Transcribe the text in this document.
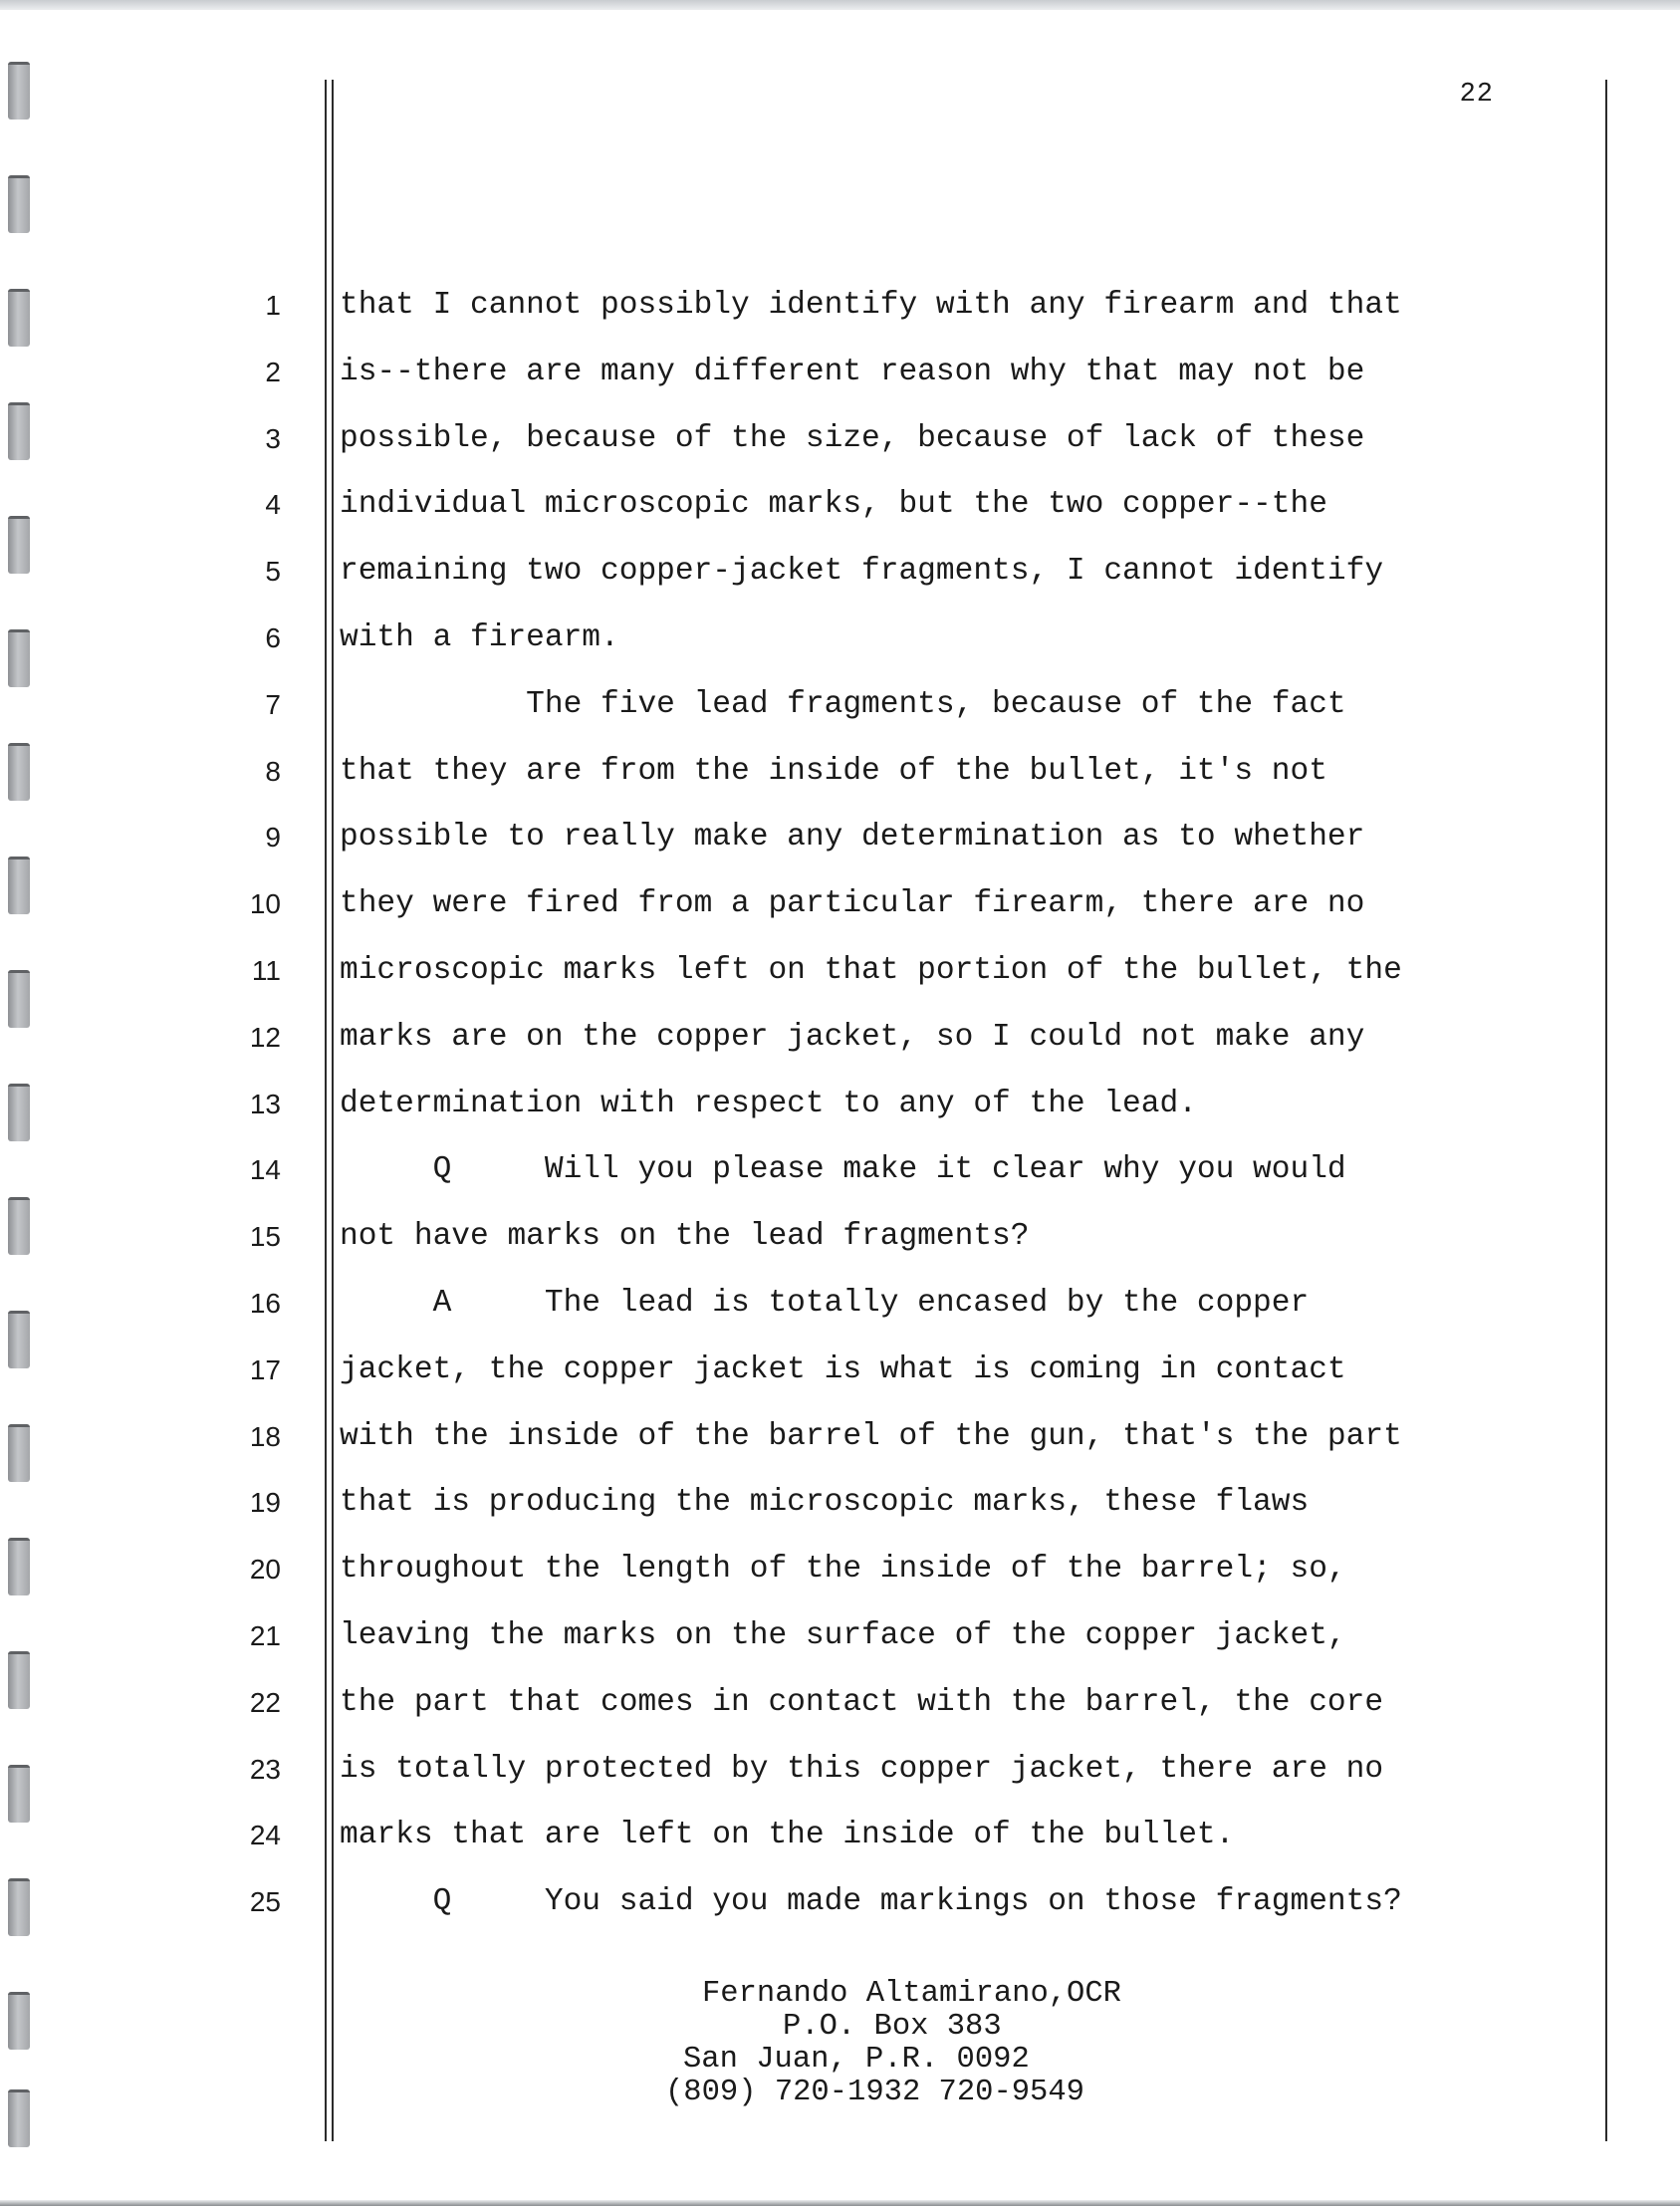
22
1
2
3
4
5
6
7
8
9
10
11
12
13
14
15
16
17
18
19
20
21
22
23
24
25
that I cannot possibly identify with any firearm and that
is--there are many different reason why that may not be
possible, because of the size, because of lack of these
individual microscopic marks, but the two copper--the
remaining two copper-jacket fragments, I cannot identify
with a firearm.
The five lead fragments, because of the fact
that they are from the inside of the bullet, it's not
possible to really make any determination as to whether
they were fired from a particular firearm, there are no
microscopic marks left on that portion of the bullet, the
marks are on the copper jacket, so I could not make any
determination with respect to any of the lead.
Q     Will you please make it clear why you would
not have marks on the lead fragments?
A     The lead is totally encased by the copper
jacket, the copper jacket is what is coming in contact
with the inside of the barrel of the gun, that's the part
that is producing the microscopic marks, these flaws
throughout the length of the inside of the barrel; so,
leaving the marks on the surface of the copper jacket,
the part that comes in contact with the barrel, the core
is totally protected by this copper jacket, there are no
marks that are left on the inside of the bullet.
Q     You said you made markings on those fragments?
Fernando Altamirano,OCR
P.O. Box 383
San Juan, P.R. 0092
(809) 720-1932 720-9549
